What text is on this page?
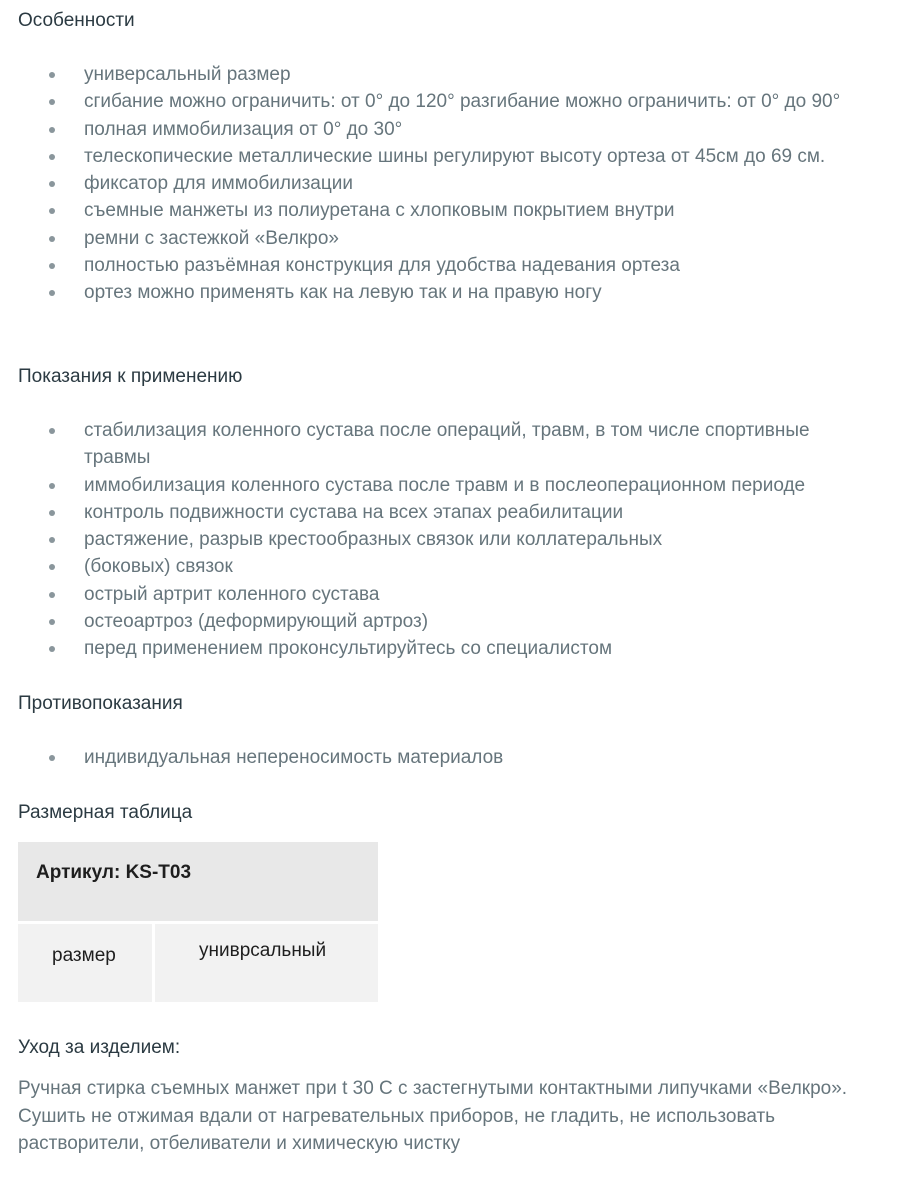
Особенности
универсальный размер
сгибание можно ограничить: от 0° до 120° разгибание можно ограничить: от 0° до 90°
полная иммобилизация от 0° до 30°
телескопические металлические шины регулируют высоту ортеза от 45см до 69 см.
фиксатор для иммобилизации
съемные манжеты из полиуретана с хлопковым покрытием внутри
ремни с застежкой «Велкро»
полностью разъёмная конструкция для удобства надевания ортеза
ортез можно применять как на левую так и на правую ногу
Показания к применению
стабилизация коленного сустава после операций, травм, в том числе спортивные травмы
иммобилизация коленного сустава после травм и в послеоперационном периоде
контроль подвижности сустава на всех этапах реабилитации
растяжение, разрыв крестообразных связок или коллатеральных
(боковых) связок
острый артрит коленного сустава
остеоартроз (деформирующий артроз)
перед применением проконсультируйтесь со специалистом
Противопоказания
индивидуальная непереносимость материалов
Размерная таблица
Артикул: KS-T03
размер	униврсальный
Уход за изделием:
Ручная стирка съемных манжет при t 30 С с застегнутыми контактными липучками «Велкро». Сушить не отжимая вдали от нагревательных приборов, не гладить, не использовать растворители, отбеливатели и химическую чистку
